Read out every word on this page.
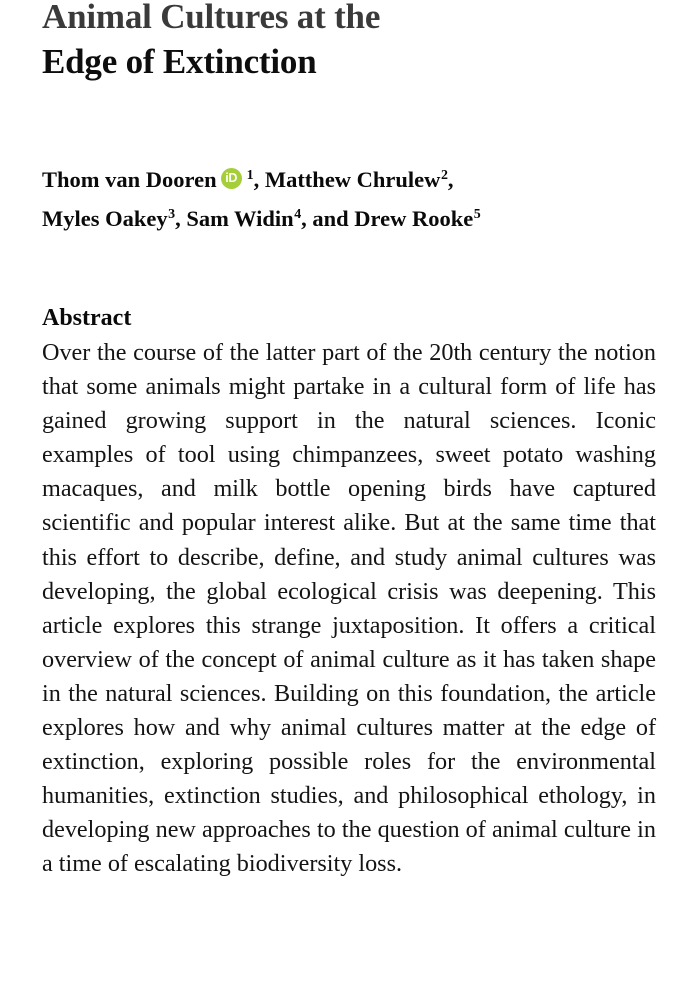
Animal Cultures at the
Edge of Extinction
Thom van Dooren iD $^1$, Matthew Chrulew$^2$,
Myles Oakey$^3$, Sam Widin$^4$, and Drew Rooke$^5$
Abstract
Over the course of the latter part of the 20th century the notion that some animals might partake in a cultural form of life has gained growing support in the natural sciences. Iconic examples of tool using chimpanzees, sweet potato washing macaques, and milk bottle opening birds have captured scientific and popular interest alike. But at the same time that this effort to describe, define, and study animal cultures was developing, the global ecological crisis was deepening. This article explores this strange juxtaposition. It offers a critical overview of the concept of animal culture as it has taken shape in the natural sciences. Building on this foundation, the article explores how and why animal cultures matter at the edge of extinction, exploring possible roles for the environmental humanities, extinction studies, and philosophical ethology, in developing new approaches to the question of animal culture in a time of escalating biodiversity loss.
